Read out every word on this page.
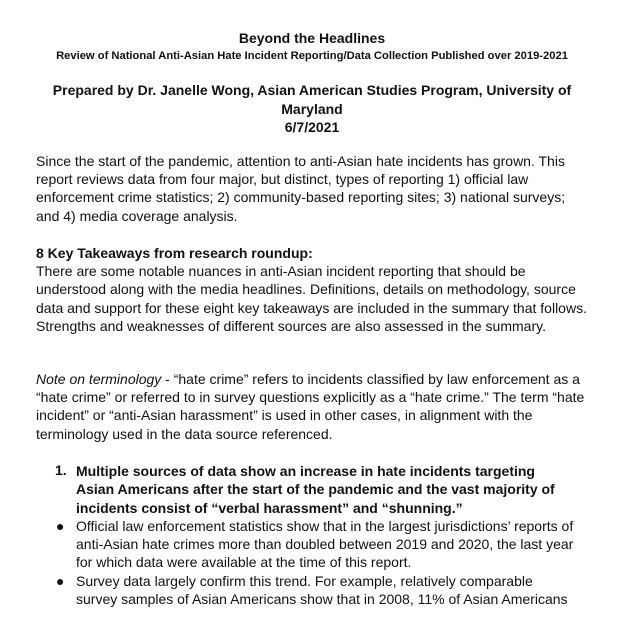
Beyond the Headlines
Review of National Anti-Asian Hate Incident Reporting/Data Collection Published over 2019-2021
Prepared by Dr. Janelle Wong, Asian American Studies Program, University of Maryland
6/7/2021

Since the start of the pandemic, attention to anti-Asian hate incidents has grown. This report reviews data from four major, but distinct, types of reporting 1) official law enforcement crime statistics; 2) community-based reporting sites; 3) national surveys; and 4) media coverage analysis.

8 Key Takeaways from research roundup:
There are some notable nuances in anti-Asian incident reporting that should be understood along with the media headlines. Definitions, details on methodology, source data and support for these eight key takeaways are included in the summary that follows. Strengths and weaknesses of different sources are also assessed in the summary.

Note on terminology - “hate crime” refers to incidents classified by law enforcement as a “hate crime” or referred to in survey questions explicitly as a “hate crime.” The term “hate incident” or “anti-Asian harassment” is used in other cases, in alignment with the terminology used in the data source referenced.

1. Multiple sources of data show an increase in hate incidents targeting Asian Americans after the start of the pandemic and the vast majority of incidents consist of “verbal harassment” and “shunning.”
● Official law enforcement statistics show that in the largest jurisdictions’ reports of anti-Asian hate crimes more than doubled between 2019 and 2020, the last year for which data were available at the time of this report.
● Survey data largely confirm this trend. For example, relatively comparable survey samples of Asian Americans show that in 2008, 11% of Asian Americans
